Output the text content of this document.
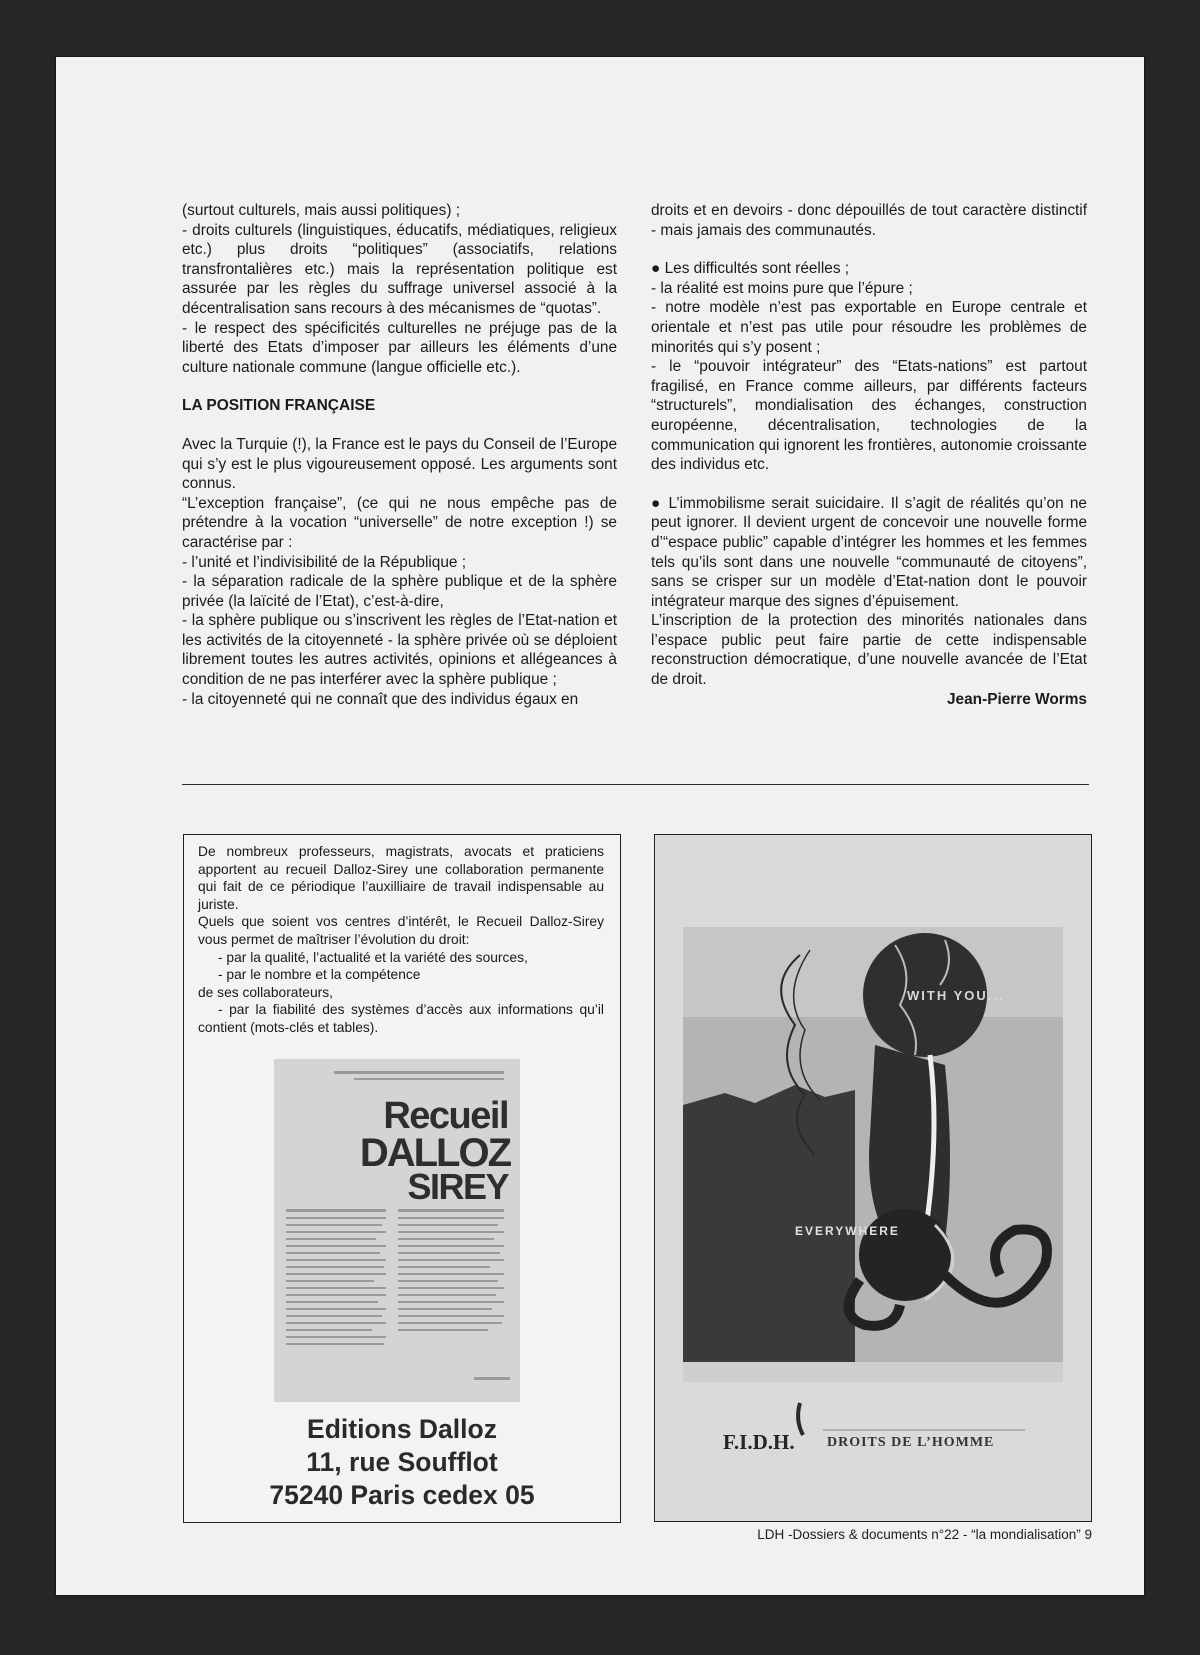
(surtout culturels, mais aussi politiques) ;

- droits culturels (linguistiques, éducatifs, médiatiques, religieux etc.) plus droits “politiques” (associatifs, relations transfrontalières etc.) mais la représentation politique est assurée par les règles du suffrage universel associé à la décentralisation sans recours à des mécanismes de “quotas”.

- le respect des spécificités culturelles ne préjuge pas de la liberté des Etats d’imposer par ailleurs les éléments d’une culture nationale commune (langue officielle etc.).

LA POSITION FRANÇAISE

Avec la Turquie (!), la France est le pays du Conseil de l’Europe qui s’y est le plus vigoureusement opposé. Les arguments sont connus.

“L’exception française”, (ce qui ne nous empêche pas de prétendre à la vocation “universelle” de notre exception !) se caractérise par :

- l’unité et l’indivisibilité de la République ;

- la séparation radicale de la sphère publique et de la sphère privée (la laïcité de l’Etat), c’est-à-dire,

- la sphère publique ou s’inscrivent les règles de l’Etat-nation et les activités de la citoyenneté - la sphère privée où se déploient librement toutes les autres activités, opinions et allégeances à condition de ne pas interférer avec la sphère publique ;

- la citoyenneté qui ne connaît que des individus égaux en

droits et en devoirs - donc dépouillés de tout caractère distinctif - mais jamais des communautés.

● Les difficultés sont réelles ;

- la réalité est moins pure que l’épure ;

- notre modèle n’est pas exportable en Europe centrale et orientale et n’est pas utile pour résoudre les problèmes de minorités qui s’y posent ;

- le “pouvoir intégrateur” des “Etats-nations” est partout fragilisé, en France comme ailleurs, par différents facteurs “structurels”, mondialisation des échanges, construction européenne, décentralisation, technologies de la communication qui ignorent les frontières, autonomie croissante des individus etc.

● L’immobilisme serait suicidaire. Il s’agit de réalités qu’on ne peut ignorer. Il devient urgent de concevoir une nouvelle forme d’“espace public” capable d’intégrer les hommes et les femmes tels qu’ils sont dans une nouvelle “communauté de citoyens”, sans se crisper sur un modèle d’Etat-nation dont le pouvoir intégrateur marque des signes d’épuisement.

L’inscription de la protection des minorités nationales dans l’espace public peut faire partie de cette indispensable reconstruction démocratique, d’une nouvelle avancée de l’Etat de droit.

Jean-Pierre Worms

De nombreux professeurs, magistrats, avocats et praticiens apportent au recueil Dalloz-Sirey une collaboration permanente qui fait de ce périodique l’auxilliaire de travail indispensable au juriste.

Quels que soient vos centres d’intérêt, le Recueil Dalloz-Sirey vous permet de maîtriser l’évolution du droit:

- par la qualité, l’actualité et la variété des sources,

- par le nombre et la compétence

de ses collaborateurs,

- par la fiabilité des systèmes d’accès aux informations qu’il contient (mots-clés et tables).

Recueil
DALLOZ
SIREY
Editions Dalloz
11, rue Soufflot
75240 Paris cedex 05
WITH YOU...
EVERYWHERE
F.I.D.H. DROITS DE L’HOMME
LDH -Dossiers & documents n°22 - “la mondialisation” 9
